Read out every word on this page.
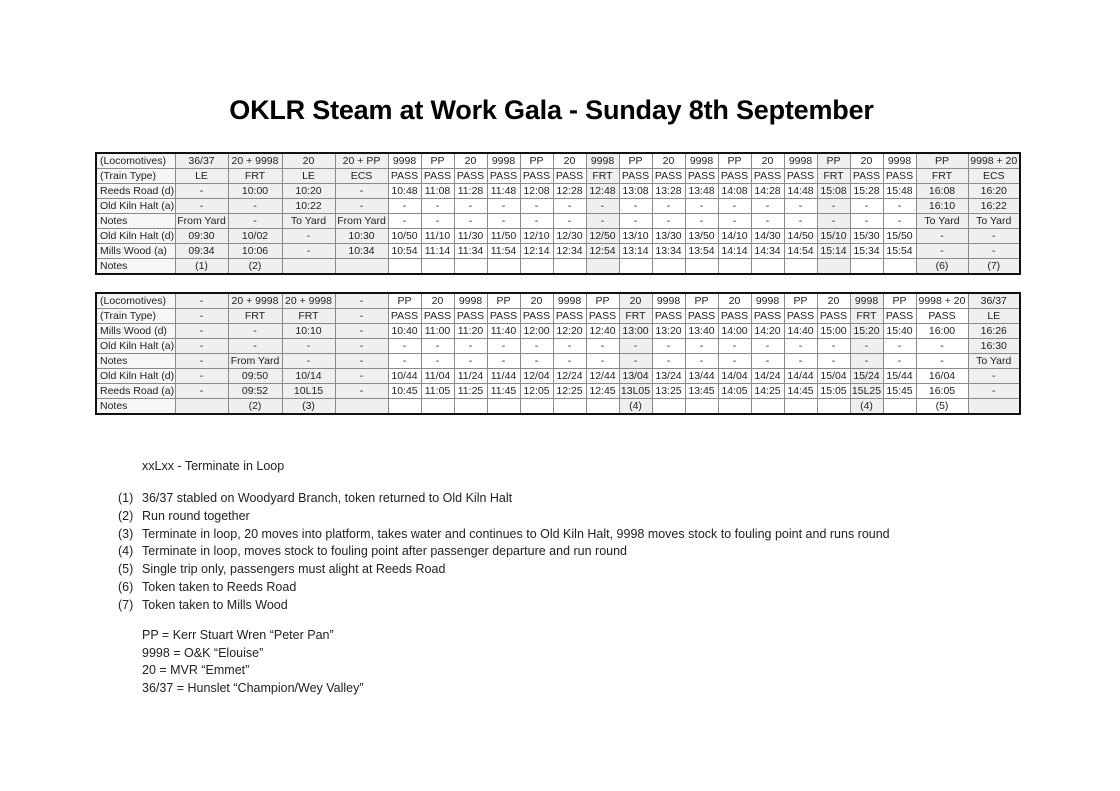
OKLR Steam at Work Gala - Sunday 8th September
(Locomotives)	36/37	20 + 9998	20	20 + PP	9998	PP	20	9998	PP	20	9998	PP	20	9998	PP	20	9998	PP	20	9998	PP	9998 + 20
(Train Type)	LE	FRT	LE	ECS	PASS	PASS	PASS	PASS	PASS	PASS	FRT	PASS	PASS	PASS	PASS	PASS	PASS	FRT	PASS	PASS	FRT	ECS
Reeds Road (d)	-	10:00	10:20	-	10:48	11:08	11:28	11:48	12:08	12:28	12:48	13:08	13:28	13:48	14:08	14:28	14:48	15:08	15:28	15:48	16:08	16:20
Old Kiln Halt (a)	-	-	10:22	-	-	-	-	-	-	-	-	-	-	-	-	-	-	-	-	-	16:10	16:22
Notes	From Yard	-	To Yard	From Yard	-	-	-	-	-	-	-	-	-	-	-	-	-	-	-	-	To Yard	To Yard
Old Kiln Halt (d)	09:30	10/02	-	10:30	10/50	11/10	11/30	11/50	12/10	12/30	12/50	13/10	13/30	13/50	14/10	14/30	14/50	15/10	15/30	15/50	-	-
Mills Wood (a)	09:34	10:06	-	10:34	10:54	11:14	11:34	11:54	12:14	12:34	12:54	13:14	13:34	13:54	14:14	14:34	14:54	15:14	15:34	15:54	-	-
Notes	(1)	(2)																			(6)	(7)
(Locomotives)	-	20 + 9998	20 + 9998	-	PP	20	9998	PP	20	9998	PP	20	9998	PP	20	9998	PP	20	9998	PP	9998 + 20	36/37
(Train Type)	-	FRT	FRT	-	PASS	PASS	PASS	PASS	PASS	PASS	PASS	FRT	PASS	PASS	PASS	PASS	PASS	PASS	FRT	PASS	PASS	LE
Mills Wood (d)	-	-	10:10	-	10:40	11:00	11:20	11:40	12:00	12:20	12:40	13:00	13:20	13:40	14:00	14:20	14:40	15:00	15:20	15:40	16:00	16:26
Old Kiln Halt (a)	-	-	-	-	-	-	-	-	-	-	-	-	-	-	-	-	-	-	-	-	-	16:30
Notes	-	From Yard	-	-	-	-	-	-	-	-	-	-	-	-	-	-	-	-	-	-	-	To Yard
Old Kiln Halt (d)	-	09:50	10/14	-	10/44	11/04	11/24	11/44	12/04	12/24	12/44	13/04	13/24	13/44	14/04	14/24	14/44	15/04	15/24	15/44	16/04	-
Reeds Road (a)	-	09:52	10L15	-	10:45	11:05	11:25	11:45	12:05	12:25	12:45	13L05	13:25	13:45	14:05	14:25	14:45	15:05	15L25	15:45	16:05	-
Notes		(2)	(3)									(4)							(4)		(5)	
xxLxx - Terminate in Loop
(1) 36/37 stabled on Woodyard Branch, token returned to Old Kiln Halt
(2) Run round together
(3) Terminate in loop, 20 moves into platform, takes water and continues to Old Kiln Halt, 9998 moves stock to fouling point and runs round
(4) Terminate in loop, moves stock to fouling point after passenger departure and run round
(5) Single trip only, passengers must alight at Reeds Road
(6) Token taken to Reeds Road
(7) Token taken to Mills Wood
PP = Kerr Stuart Wren “Peter Pan”
9998 = O&K “Elouise”
20 = MVR “Emmet”
36/37 = Hunslet “Champion/Wey Valley”
